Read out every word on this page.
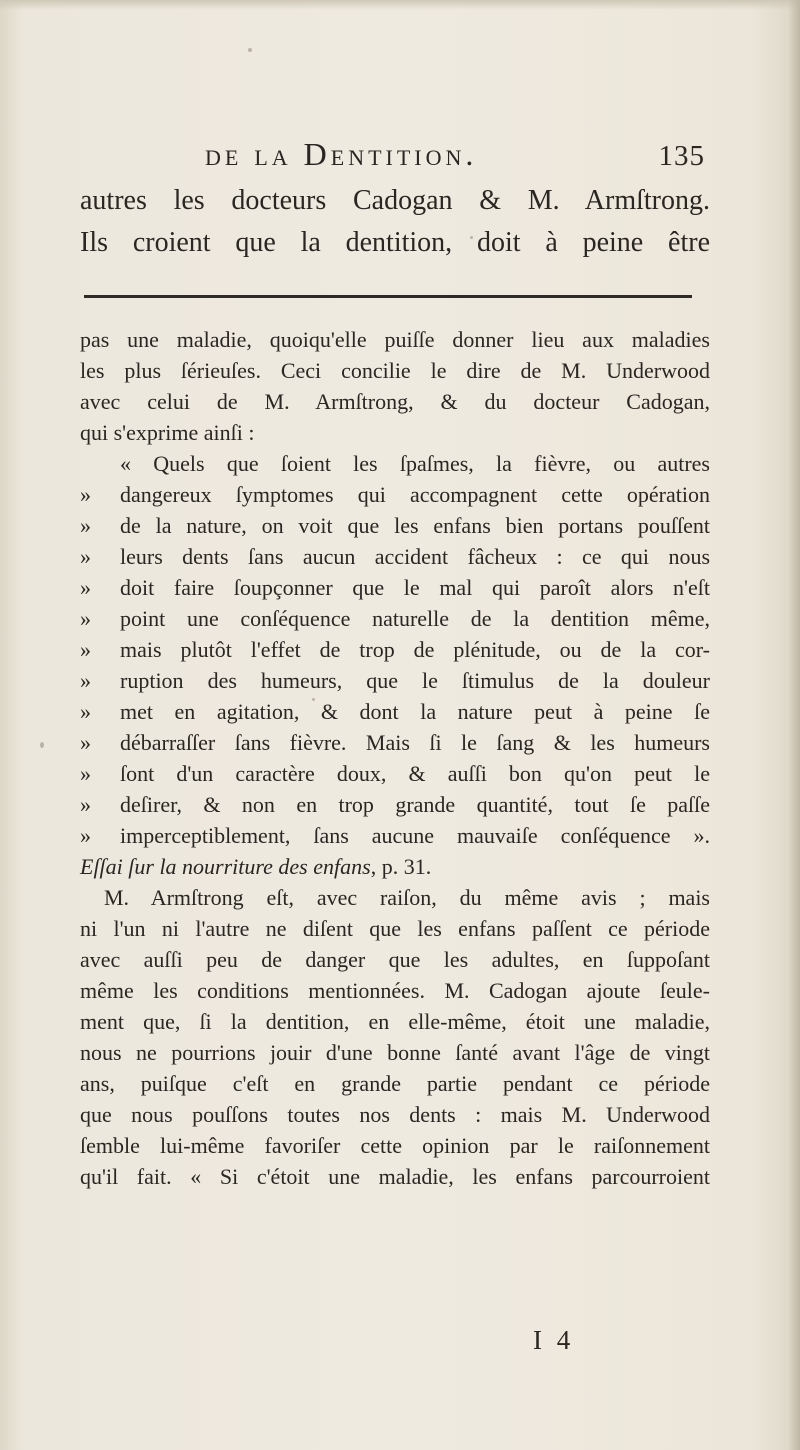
de la Dentition.	135
autres les docteurs Cadogan & M. Armſtrong.
Ils croient que la dentition, doit à peine être
pas une maladie, quoiqu'elle puiſſe donner lieu aux maladies
les plus ſérieuſes. Ceci concilie le dire de M. Underwood
avec celui de M. Armſtrong, & du docteur Cadogan,
qui s'exprime ainſi :
« Quels que ſoient les ſpaſmes, la fièvre, ou autres
» dangereux ſymptomes qui accompagnent cette opération
» de la nature, on voit que les enfans bien portans pouſſent
» leurs dents ſans aucun accident fâcheux : ce qui nous
» doit faire ſoupçonner que le mal qui paroît alors n'eſt
» point une conſéquence naturelle de la dentition même,
» mais plutôt l'effet de trop de plénitude, ou de la cor-
» ruption des humeurs, que le ſtimulus de la douleur
» met en agitation, & dont la nature peut à peine ſe
» débarraſſer ſans fièvre. Mais ſi le ſang & les humeurs
» ſont d'un caractère doux, & auſſi bon qu'on peut le
» deſirer, & non en trop grande quantité, tout ſe paſſe
» imperceptiblement, ſans aucune mauvaiſe conſéquence ».
Eſſai ſur la nourriture des enfans, p. 31.
M. Armſtrong eſt, avec raiſon, du même avis ; mais
ni l'un ni l'autre ne diſent que les enfans paſſent ce période
avec auſſi peu de danger que les adultes, en ſuppoſant
même les conditions mentionnées. M. Cadogan ajoute ſeule-
ment que, ſi la dentition, en elle-même, étoit une maladie,
nous ne pourrions jouir d'une bonne ſanté avant l'âge de vingt
ans, puiſque c'eſt en grande partie pendant ce période
que nous pouſſons toutes nos dents : mais M. Underwood
ſemble lui-même favoriſer cette opinion par le raiſonnement
qu'il fait. « Si c'étoit une maladie, les enfans parcourroient
I 4
